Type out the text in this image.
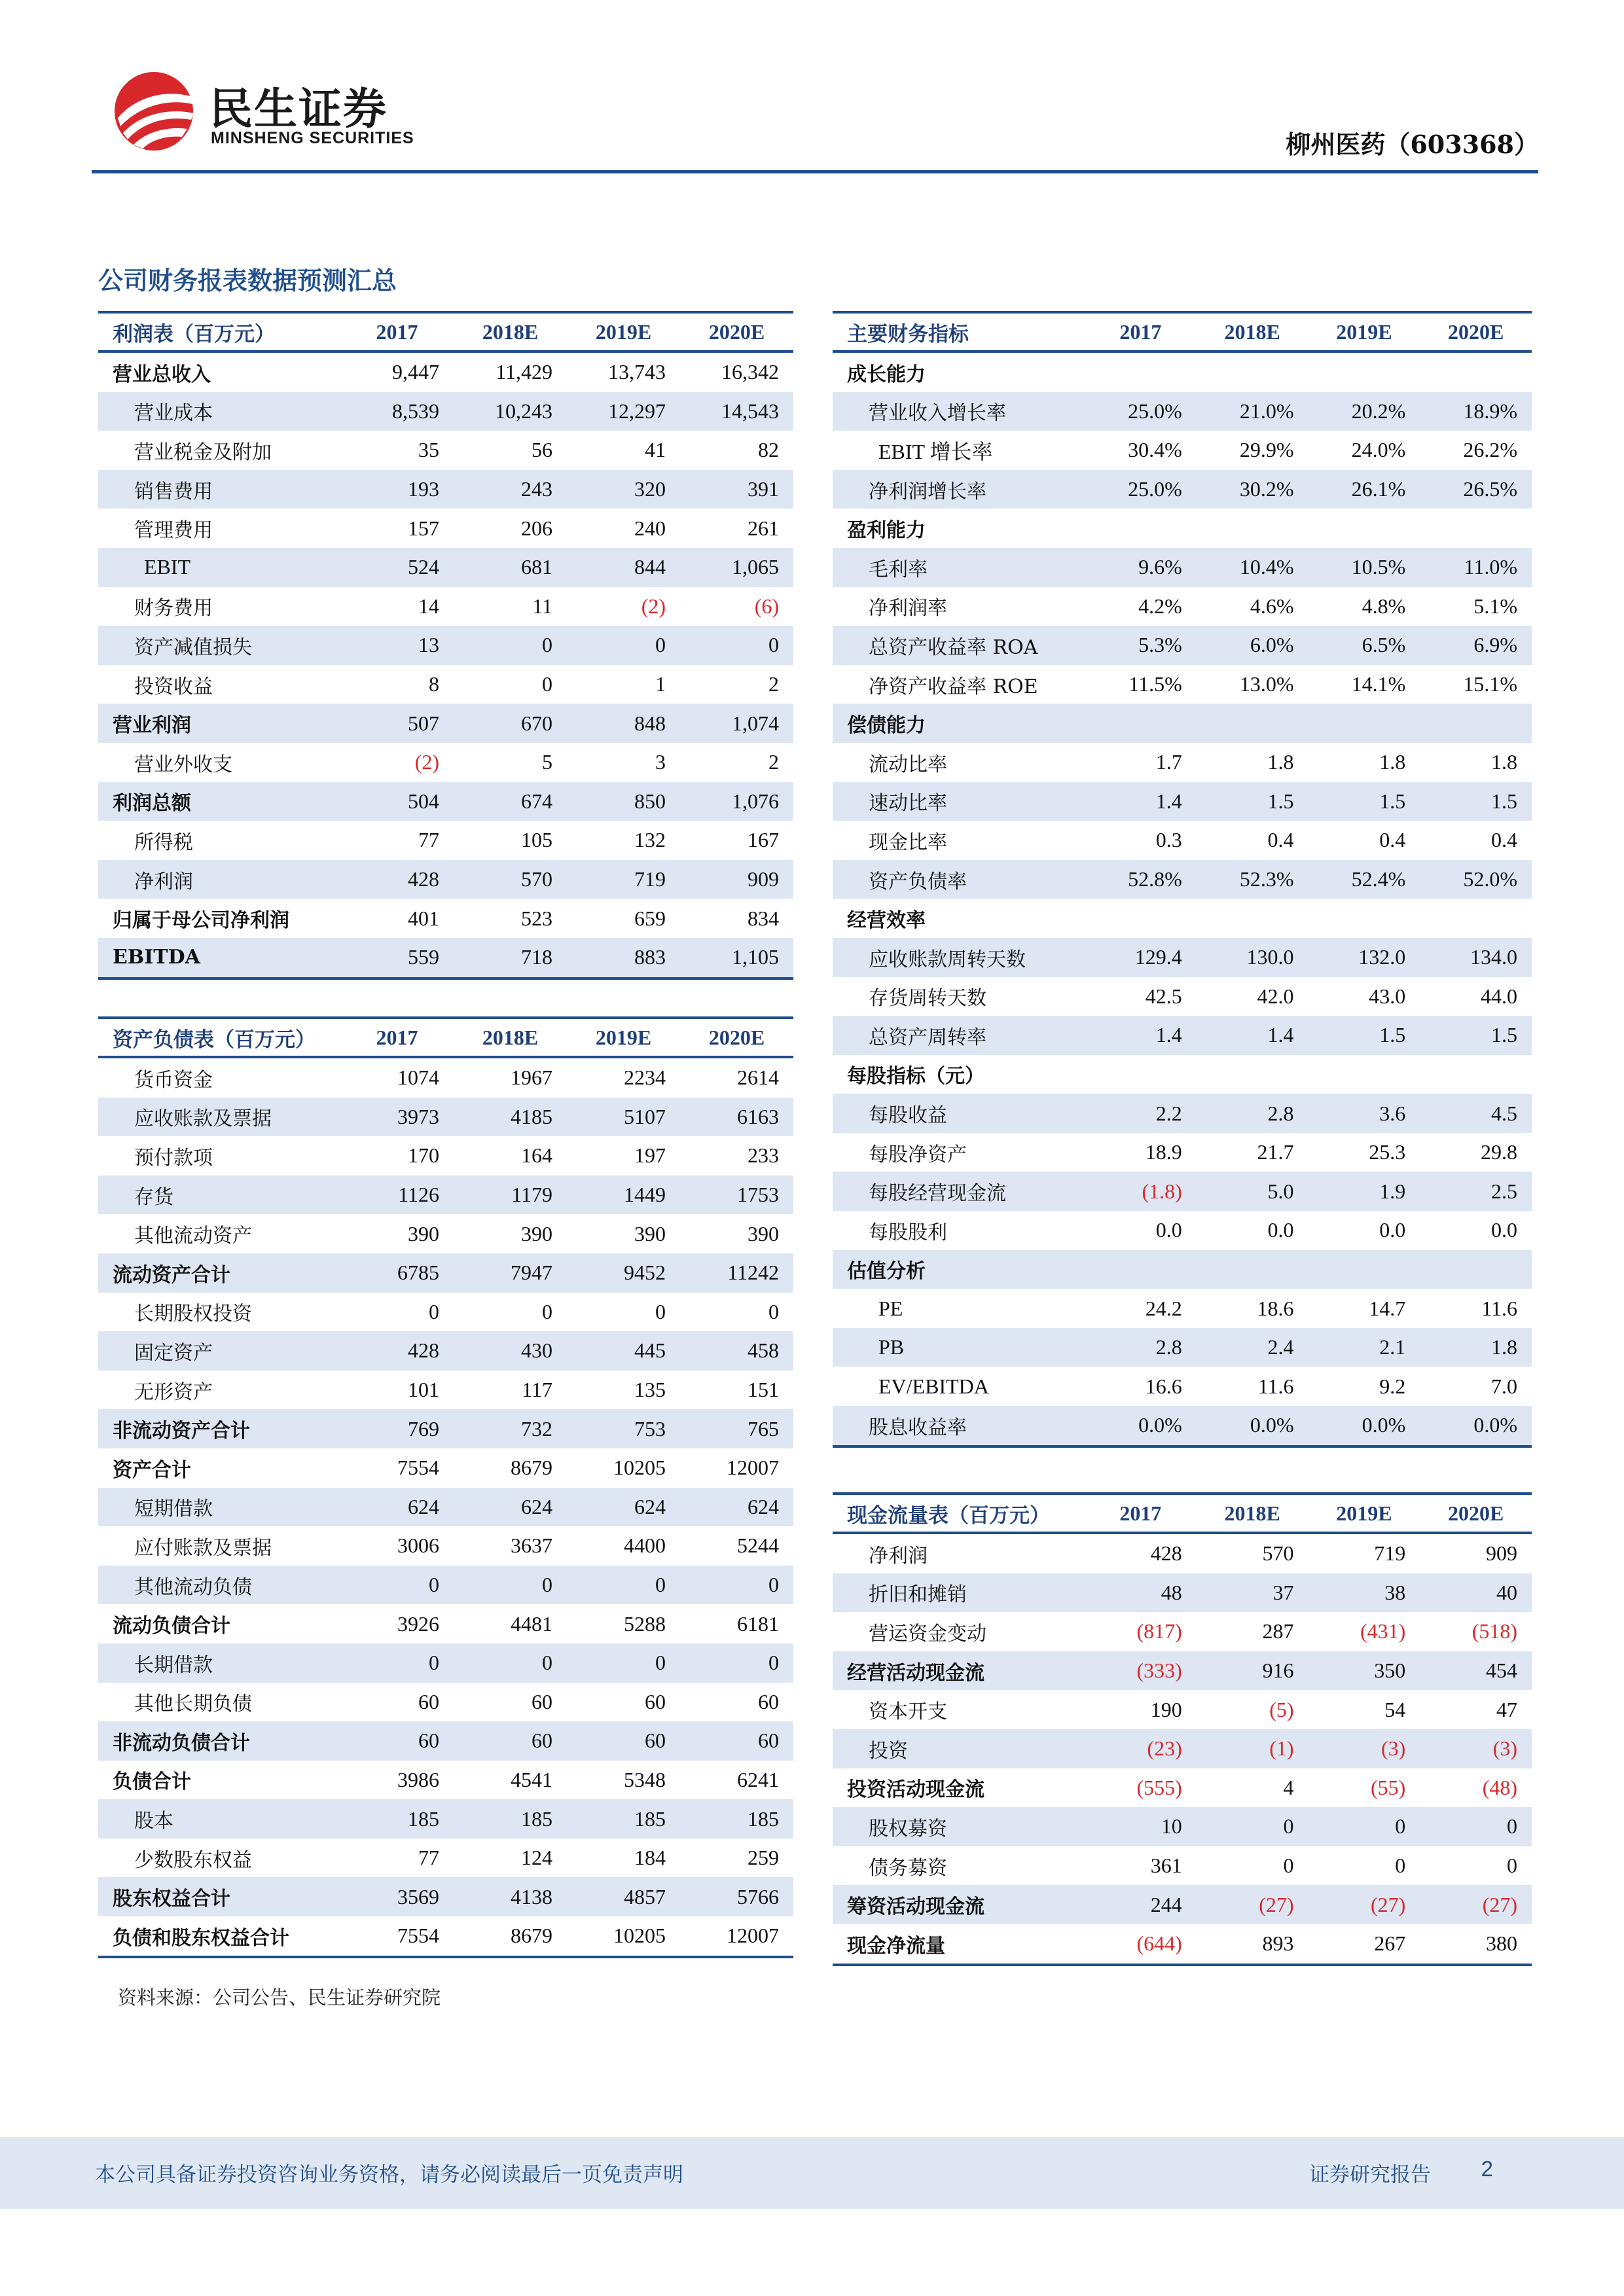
民生证券
MINSHENG SECURITIES	柳州医药（603368）
公司财务报表数据预测汇总
利润表（百万元）	2017	2018E	2019E	2020E
营业总收入	9,447	11,429	13,743	16,342
营业成本	8,539	10,243	12,297	14,543
营业税金及附加	35	56	41	82
销售费用	193	243	320	391
管理费用	157	206	240	261
EBIT	524	681	844	1,065
财务费用	14	11	(2)	(6)
资产减值损失	13	0	0	0
投资收益	8	0	1	2
营业利润	507	670	848	1,074
营业外收支	(2)	5	3	2
利润总额	504	674	850	1,076
所得税	77	105	132	167
净利润	428	570	719	909
归属于母公司净利润	401	523	659	834
EBITDA	559	718	883	1,105
资产负债表（百万元）	2017	2018E	2019E	2020E
货币资金	1074	1967	2234	2614
应收账款及票据	3973	4185	5107	6163
预付款项	170	164	197	233
存货	1126	1179	1449	1753
其他流动资产	390	390	390	390
流动资产合计	6785	7947	9452	11242
长期股权投资	0	0	0	0
固定资产	428	430	445	458
无形资产	101	117	135	151
非流动资产合计	769	732	753	765
资产合计	7554	8679	10205	12007
短期借款	624	624	624	624
应付账款及票据	3006	3637	4400	5244
其他流动负债	0	0	0	0
流动负债合计	3926	4481	5288	6181
长期借款	0	0	0	0
其他长期负债	60	60	60	60
非流动负债合计	60	60	60	60
负债合计	3986	4541	5348	6241
股本	185	185	185	185
少数股东权益	77	124	184	259
股东权益合计	3569	4138	4857	5766
负债和股东权益合计	7554	8679	10205	12007
主要财务指标	2017	2018E	2019E	2020E
成长能力				
营业收入增长率	25.0%	21.0%	20.2%	18.9%
EBIT 增长率	30.4%	29.9%	24.0%	26.2%
净利润增长率	25.0%	30.2%	26.1%	26.5%
盈利能力				
毛利率	9.6%	10.4%	10.5%	11.0%
净利润率	4.2%	4.6%	4.8%	5.1%
总资产收益率 ROA	5.3%	6.0%	6.5%	6.9%
净资产收益率 ROE	11.5%	13.0%	14.1%	15.1%
偿债能力				
流动比率	1.7	1.8	1.8	1.8
速动比率	1.4	1.5	1.5	1.5
现金比率	0.3	0.4	0.4	0.4
资产负债率	52.8%	52.3%	52.4%	52.0%
经营效率				
应收账款周转天数	129.4	130.0	132.0	134.0
存货周转天数	42.5	42.0	43.0	44.0
总资产周转率	1.4	1.4	1.5	1.5
每股指标（元）				
每股收益	2.2	2.8	3.6	4.5
每股净资产	18.9	21.7	25.3	29.8
每股经营现金流	(1.8)	5.0	1.9	2.5
每股股利	0.0	0.0	0.0	0.0
估值分析				
PE	24.2	18.6	14.7	11.6
PB	2.8	2.4	2.1	1.8
EV/EBITDA	16.6	11.6	9.2	7.0
股息收益率	0.0%	0.0%	0.0%	0.0%
现金流量表（百万元）	2017	2018E	2019E	2020E
净利润	428	570	719	909
折旧和摊销	48	37	38	40
营运资金变动	(817)	287	(431)	(518)
经营活动现金流	(333)	916	350	454
资本开支	190	(5)	54	47
投资	(23)	(1)	(3)	(3)
投资活动现金流	(555)	4	(55)	(48)
股权募资	10	0	0	0
债务募资	361	0	0	0
筹资活动现金流	244	(27)	(27)	(27)
现金净流量	(644)	893	267	380
资料来源：公司公告、民生证券研究院
本公司具备证券投资咨询业务资格，请务必阅读最后一页免责声明	证券研究报告 2
